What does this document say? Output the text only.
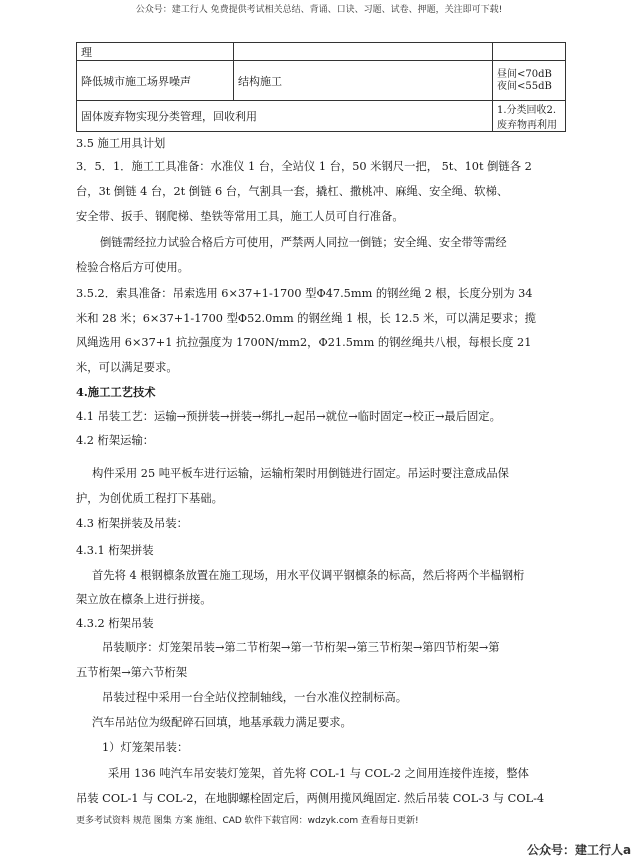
公众号：建工行人 免费提供考试相关总结、背诵、口诀、习题、试卷、押题，关注即可下载!
理		
降低城市施工场界噪声	结构施工	昼间<70dB
夜间<55dB

固体废弃物实现分类管理，回收利用		1.分类回收2.废弃物再利用
3.5 施工用具计划
3．5．1．施工工具准备：水准仪 1 台，全站仪 1 台，50 米钢尺一把， 5t、10t 倒链各 2
台，3t 倒链 4 台，2t 倒链 6 台，气割具一套，撬杠、撒桃冲、麻绳、安全绳、软梯、
安全带、扳手、钢爬梯、垫铁等常用工具，施工人员可自行准备。
倒链需经拉力试验合格后方可使用，严禁两人同拉一倒链；安全绳、安全带等需经
检验合格后方可使用。
3.5.2．索具准备：吊索选用 6×37+1-1700 型Φ47.5mm 的钢丝绳 2 根，长度分别为 34
米和 28 米；6×37+1-1700 型Φ52.0mm 的钢丝绳 1 根，长 12.5 米，可以满足要求；揽
风绳选用 6×37+1 抗拉强度为 1700N/mm2，Φ21.5mm 的钢丝绳共八根，每根长度 21
米，可以满足要求。
4.施工工艺技术
4.1 吊装工艺：运输→预拼装→拼装→绑扎→起吊→就位→临时固定→校正→最后固定。
4.2 桁架运输：
构件采用 25 吨平板车进行运输，运输桁架时用倒链进行固定。吊运时要注意成品保
护，为创优质工程打下基础。
4.3 桁架拼装及吊装：
4.3.1 桁架拼装
首先将 4 根钢檩条放置在施工现场，用水平仪调平钢檩条的标高，然后将两个半榀钢桁
架立放在檩条上进行拼接。
4.3.2 桁架吊装
吊装顺序：灯笼架吊装→第二节桁架→第一节桁架→第三节桁架→第四节桁架→第
五节桁架→第六节桁架
吊装过程中采用一台全站仪控制轴线，一台水准仪控制标高。
汽车吊站位为级配碎石回填，地基承载力满足要求。
1）灯笼架吊装：
采用 136 吨汽车吊安装灯笼架，首先将 COL-1 与 COL-2 之间用连接件连接，整体
吊装 COL-1 与 COL-2，在地脚螺栓固定后，两侧用揽风绳固定. 然后吊装 COL-3 与 COL-4
更多考试资料 规范 图集 方案 施组、CAD 软件下载官网：wdzyk.com 查看每日更新!
公众号：建工行人a
